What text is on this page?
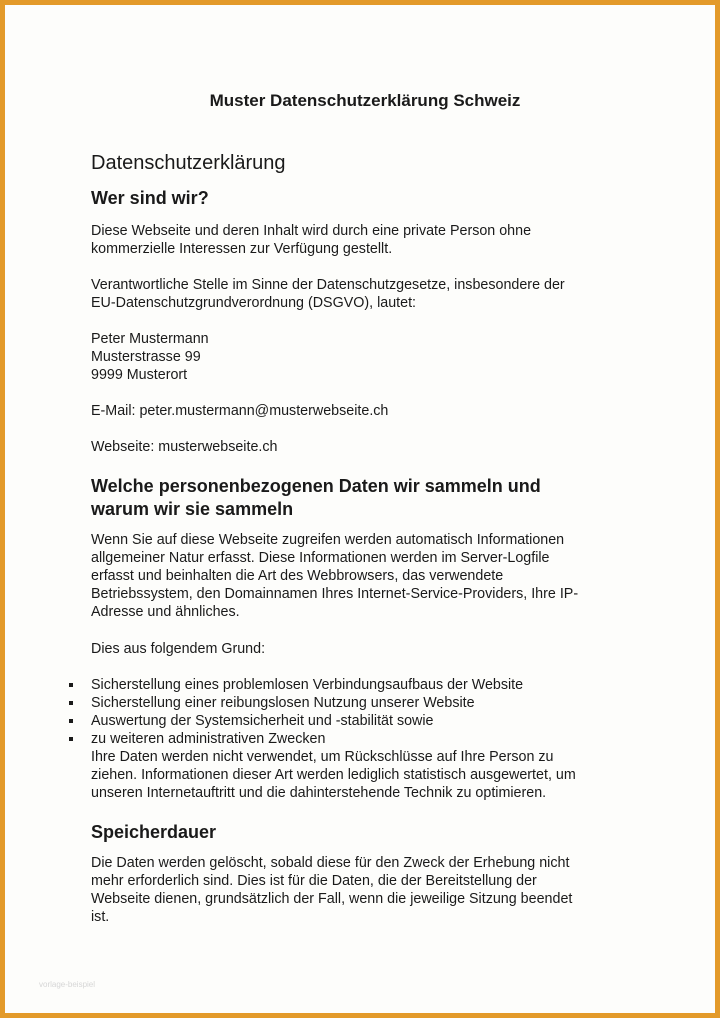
Muster Datenschutzerklärung Schweiz
Datenschutzerklärung
Wer sind wir?

Diese Webseite und deren Inhalt wird durch eine private Person ohne
kommerzielle Interessen zur Verfügung gestellt.

Verantwortliche Stelle im Sinne der Datenschutzgesetze, insbesondere der
EU-Datenschutzgrundverordnung (DSGVO), lautet:

Peter Mustermann
Musterstrasse 99
9999 Musterort

E-Mail: peter.mustermann@musterwebseite.ch

Webseite: musterwebseite.ch

Welche personenbezogenen Daten wir sammeln und
warum wir sie sammeln

Wenn Sie auf diese Webseite zugreifen werden automatisch Informationen
allgemeiner Natur erfasst. Diese Informationen werden im Server-Logfile
erfasst und beinhalten die Art des Webbrowsers, das verwendete
Betriebssystem, den Domainnamen Ihres Internet-Service-Providers, Ihre IP-
Adresse und ähnliches.

Dies aus folgendem Grund:

Sicherstellung eines problemlosen Verbindungsaufbaus der Website
Sicherstellung einer reibungslosen Nutzung unserer Website
Auswertung der Systemsicherheit und -stabilität sowie
zu weiteren administrativen Zwecken

Ihre Daten werden nicht verwendet, um Rückschlüsse auf Ihre Person zu
ziehen. Informationen dieser Art werden lediglich statistisch ausgewertet, um
unseren Internetauftritt und die dahinterstehende Technik zu optimieren.

Speicherdauer

Die Daten werden gelöscht, sobald diese für den Zweck der Erhebung nicht
mehr erforderlich sind. Dies ist für die Daten, die der Bereitstellung der
Webseite dienen, grundsätzlich der Fall, wenn die jeweilige Sitzung beendet
ist.

vorlage-beispiel
